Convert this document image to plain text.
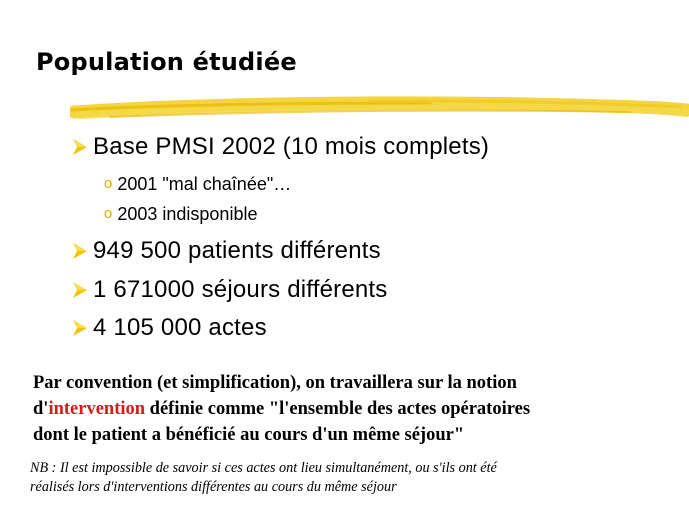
Population étudiée
Base PMSI 2002 (10 mois complets)
o 2001 "mal chaînée"…
o 2003 indisponible
949 500 patients différents
1 671000 séjours différents
4 105 000 actes
Par convention (et simplification), on travaillera sur la notion
d'intervention définie comme "l'ensemble des actes opératoires
dont le patient a bénéficié au cours d'un même séjour"
NB : Il est impossible de savoir si ces actes ont lieu simultanément, ou s'ils ont été
réalisés lors d'interventions différentes au cours du même séjour
